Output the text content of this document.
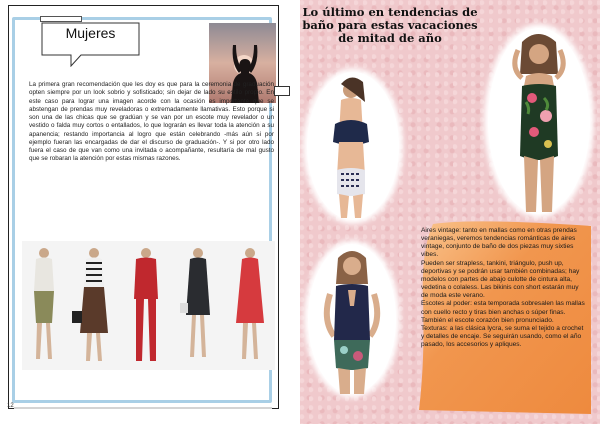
Mujeres

La primera gran recomendación que les doy es que para la ceremonia de graduación opten siempre por un look sobrio y sofisticado; sin dejar de lado su estilo propio. En este caso para lograr una imagen acorde con la ocasión es importante que se abstengan de prendas muy reveladoras o extremadamente llamativas. Esto porque si son una de las chicas que se gradúan y se van por un escote muy revelador o un vestido o falda muy cortos o entallados, lo que lograrán es llevar toda la atención a su apanencia; restando importancia al logro que están celebrando -más aún si por ejemplo fueran las encargadas de dar el discurso de graduación-. Y si por otro lado fuera el caso de que van como una invitada o acompañante, resultaría de mal gusto que se robaran la atención por estas mismas razones.

12
Lo último en tendencias de baño para estas vacaciones de mitad de año

Aires vintage: tanto en mallas como en otras prendas veraniegas, veremos tendencias románticas de aires vintage, conjunto de baño de dos piezas muy sixties vibes.

Pueden ser strapless, tankini, triángulo, push up, deportivas y se podrán usar también combinadas; hay modelos con partes de abajo culotte de cintura alta, vedetina o colaless. Las bikinis con short estarán muy de moda este verano.

Escotes al poder: esta temporada sobresalen las mallas con cuello recto y tiras bien anchas o súper finas. También el escote corazón bien pronunciado.

Texturas: a las clásica lycra, se suma el tejido a crochet y detalles de encaje. Se seguirán usando, como el año pasado, los accesorios y apliques.
